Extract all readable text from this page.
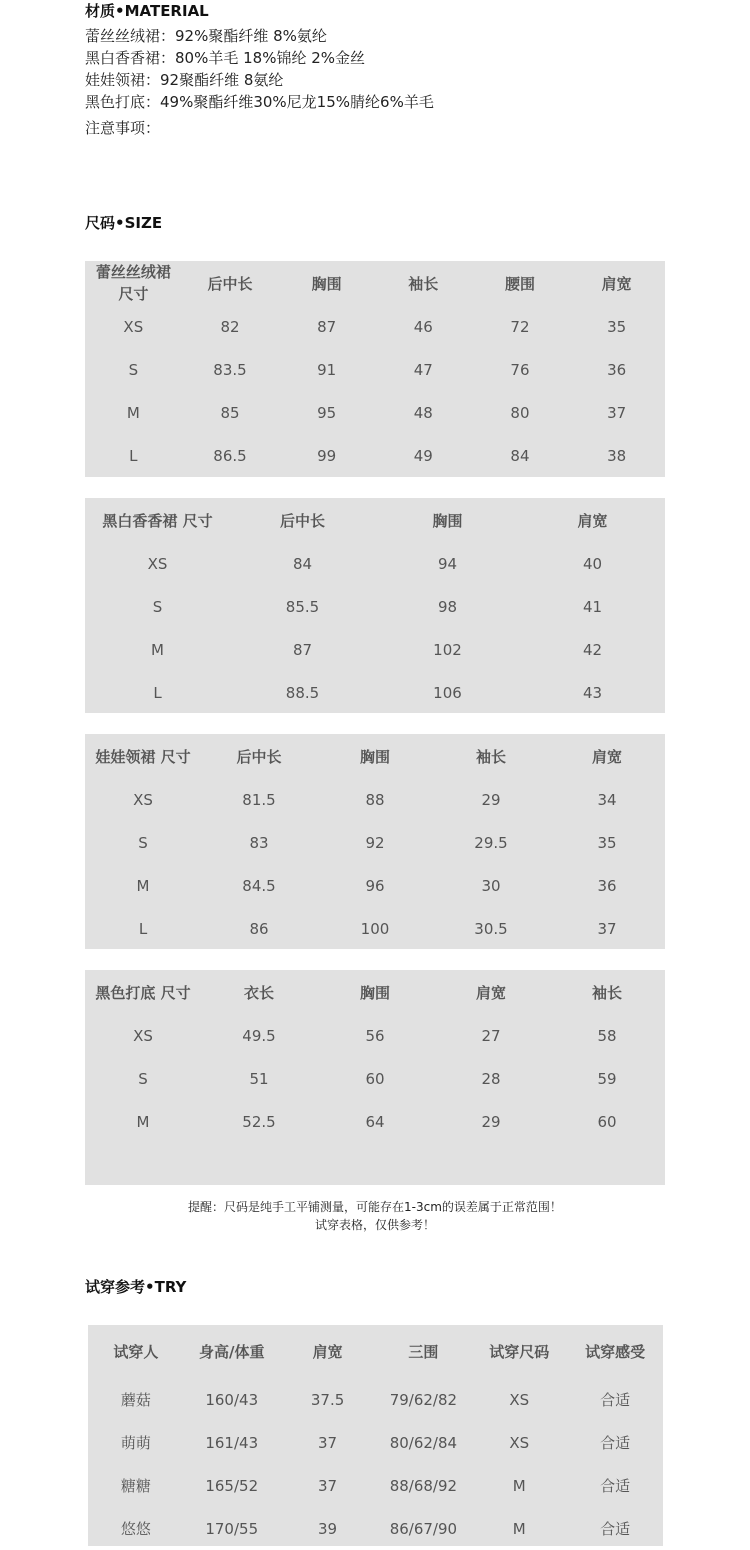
材质•MATERIAL
蕾丝丝绒裙：92%聚酯纤维 8%氨纶
黑白香香裙：80%羊毛 18%锦纶 2%金丝
娃娃领裙：92聚酯纤维 8氨纶
黑色打底：49%聚酯纤维30%尼龙15%腈纶6%羊毛
注意事项：
尺码•SIZE
蕾丝丝绒裙尺寸	后中长	胸围	袖长	腰围	肩宽
XS	82	87	46	72	35
S	83.5	91	47	76	36
M	85	95	48	80	37
L	86.5	99	49	84	38
黑白香香裙 尺寸	后中长	胸围	肩宽
XS	84	94	40
S	85.5	98	41
M	87	102	42
L	88.5	106	43
娃娃领裙 尺寸	后中长	胸围	袖长	肩宽
XS	81.5	88	29	34
S	83	92	29.5	35
M	84.5	96	30	36
L	86	100	30.5	37
黑色打底 尺寸	衣长	胸围	肩宽	袖长
XS	49.5	56	27	58
S	51	60	28	59
M	52.5	64	29	60
提醒：尺码是纯手工平铺测量，可能存在1-3cm的误差属于正常范围！
试穿表格，仅供参考！
试穿参考•TRY
试穿人	身高/体重	肩宽	三围	试穿尺码	试穿感受
蘑菇	160/43	37.5	79/62/82	XS	合适
萌萌	161/43	37	80/62/84	XS	合适
糖糖	165/52	37	88/68/92	M	合适
悠悠	170/55	39	86/67/90	M	合适
